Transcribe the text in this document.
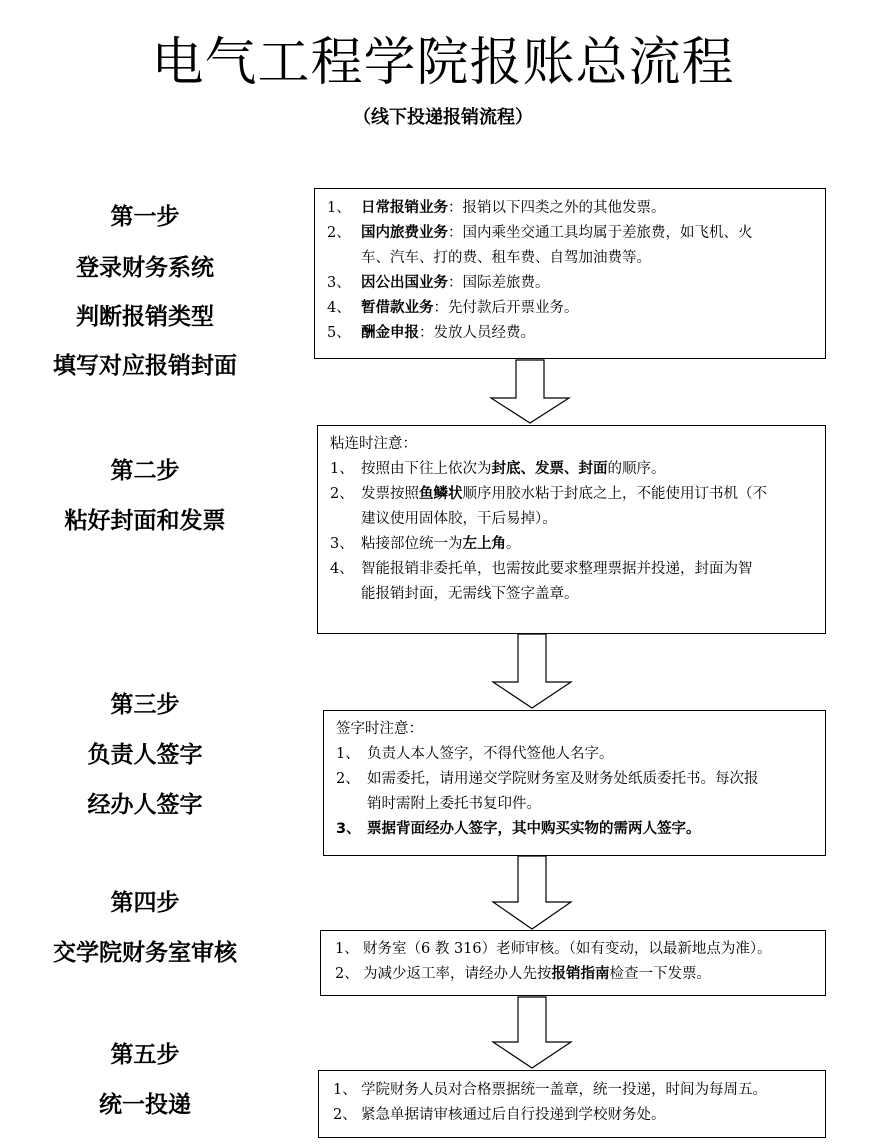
电气工程学院报账总流程
（线下投递报销流程）
第一步
登录财务系统
判断报销类型
填写对应报销封面
第二步
粘好封面和发票
第三步
负责人签字
经办人签字
第四步
交学院财务室审核
第五步
统一投递
1、 日常报销业务：报销以下四类之外的其他发票。
2、 国内旅费业务：国内乘坐交通工具均属于差旅费，如飞机、火
车、汽车、打的费、租车费、自驾加油费等。
3、 因公出国业务：国际差旅费。
4、 暂借款业务：先付款后开票业务。
5、 酬金申报：发放人员经费。
粘连时注意：
1、 按照由下往上依次为封底、发票、封面的顺序。
2、 发票按照鱼鳞状顺序用胶水粘于封底之上，不能使用订书机（不
建议使用固体胶，干后易掉）。
3、 粘接部位统一为左上角。
4、 智能报销非委托单，也需按此要求整理票据并投递，封面为智
能报销封面，无需线下签字盖章。
签字时注意：
1、 负责人本人签字，不得代签他人名字。
2、 如需委托，请用递交学院财务室及财务处纸质委托书。每次报
销时需附上委托书复印件。
3、 票据背面经办人签字，其中购买实物的需两人签字。
1、 财务室（6 教 316）老师审核。（如有变动，以最新地点为准）。
2、 为减少返工率，请经办人先按报销指南检查一下发票。
1、 学院财务人员对合格票据统一盖章，统一投递，时间为每周五。
2、 紧急单据请审核通过后自行投递到学校财务处。
